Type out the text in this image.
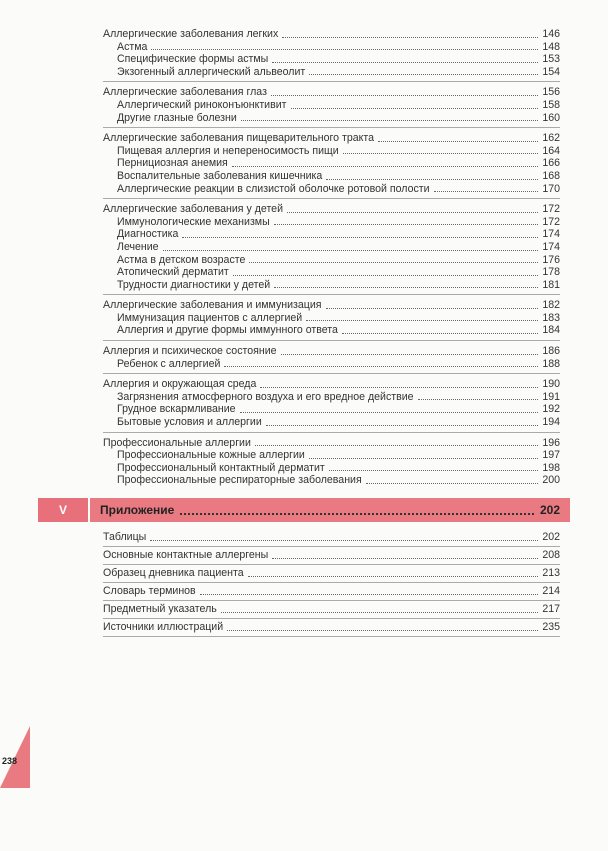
Аллергические заболевания легких	146
Астма	148
Специфические формы астмы	153
Экзогенный аллергический альвеолит	154
Аллергические заболевания глаз	156
Аллергический риноконъюнктивит	158
Другие глазные болезни	160
Аллергические заболевания пищеварительного тракта	162
Пищевая аллергия и непереносимость пищи	164
Пернициозная анемия	166
Воспалительные заболевания кишечника	168
Аллергические реакции в слизистой оболочке ротовой полости	170
Аллергические заболевания у детей	172
Иммунологические механизмы	172
Диагностика	174
Лечение	174
Астма в детском возрасте	176
Атопический дерматит	178
Трудности диагностики у детей	181
Аллергические заболевания и иммунизация	182
Иммунизация пациентов с аллергией	183
Аллергия и другие формы иммунного ответа	184
Аллергия и психическое состояние	186
Ребенок с аллергией	188
Аллергия и окружающая среда	190
Загрязнения атмосферного воздуха и его вредное действие	191
Грудное вскармливание	192
Бытовые условия и аллергии	194
Профессиональные аллергии	196
Профессиональные кожные аллергии	197
Профессиональный контактный дерматит	198
Профессиональные респираторные заболевания	200
V	Приложение	202
Таблицы	202
Основные контактные аллергены	208
Образец дневника пациента	213
Словарь терминов	214
Предметный указатель	217
Источники иллюстраций	235
238
